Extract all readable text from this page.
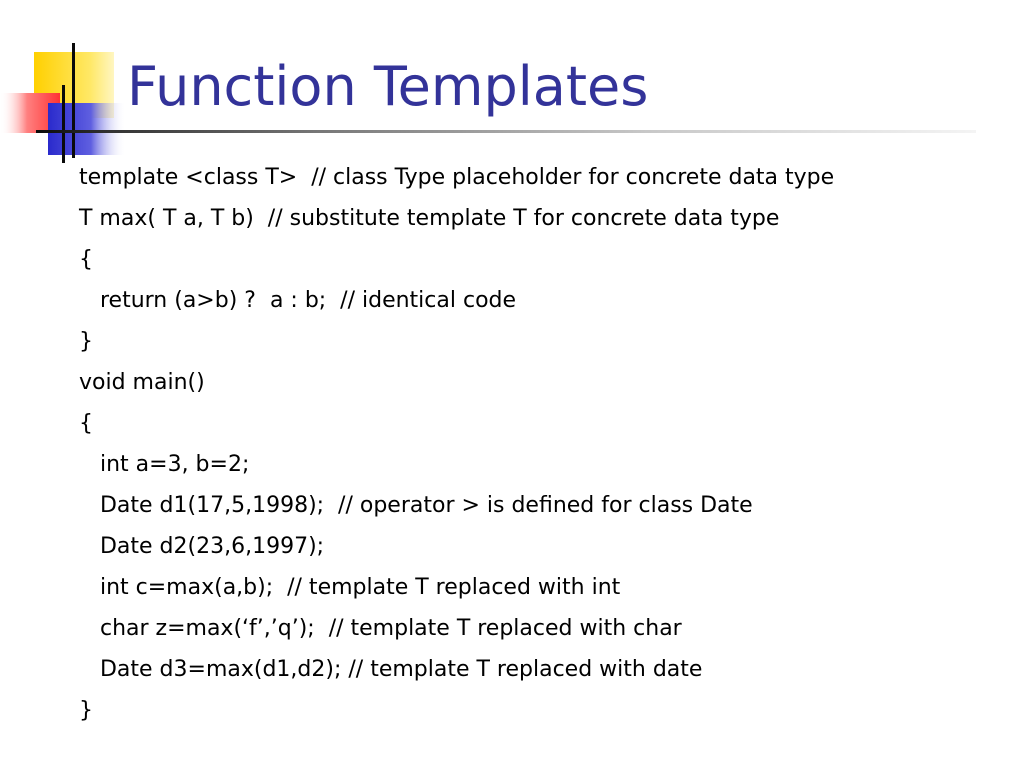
Function Templates
template <class T>  // class Type placeholder for concrete data type
T max( T a, T b)  // substitute template T for concrete data type
{
return (a>b) ?  a : b;  // identical code
}
void main()
{
int a=3, b=2;
Date d1(17,5,1998);  // operator > is defined for class Date
Date d2(23,6,1997);
int c=max(a,b);  // template T replaced with int
char z=max(‘f’,’q’);  // template T replaced with char
Date d3=max(d1,d2); // template T replaced with date
}
